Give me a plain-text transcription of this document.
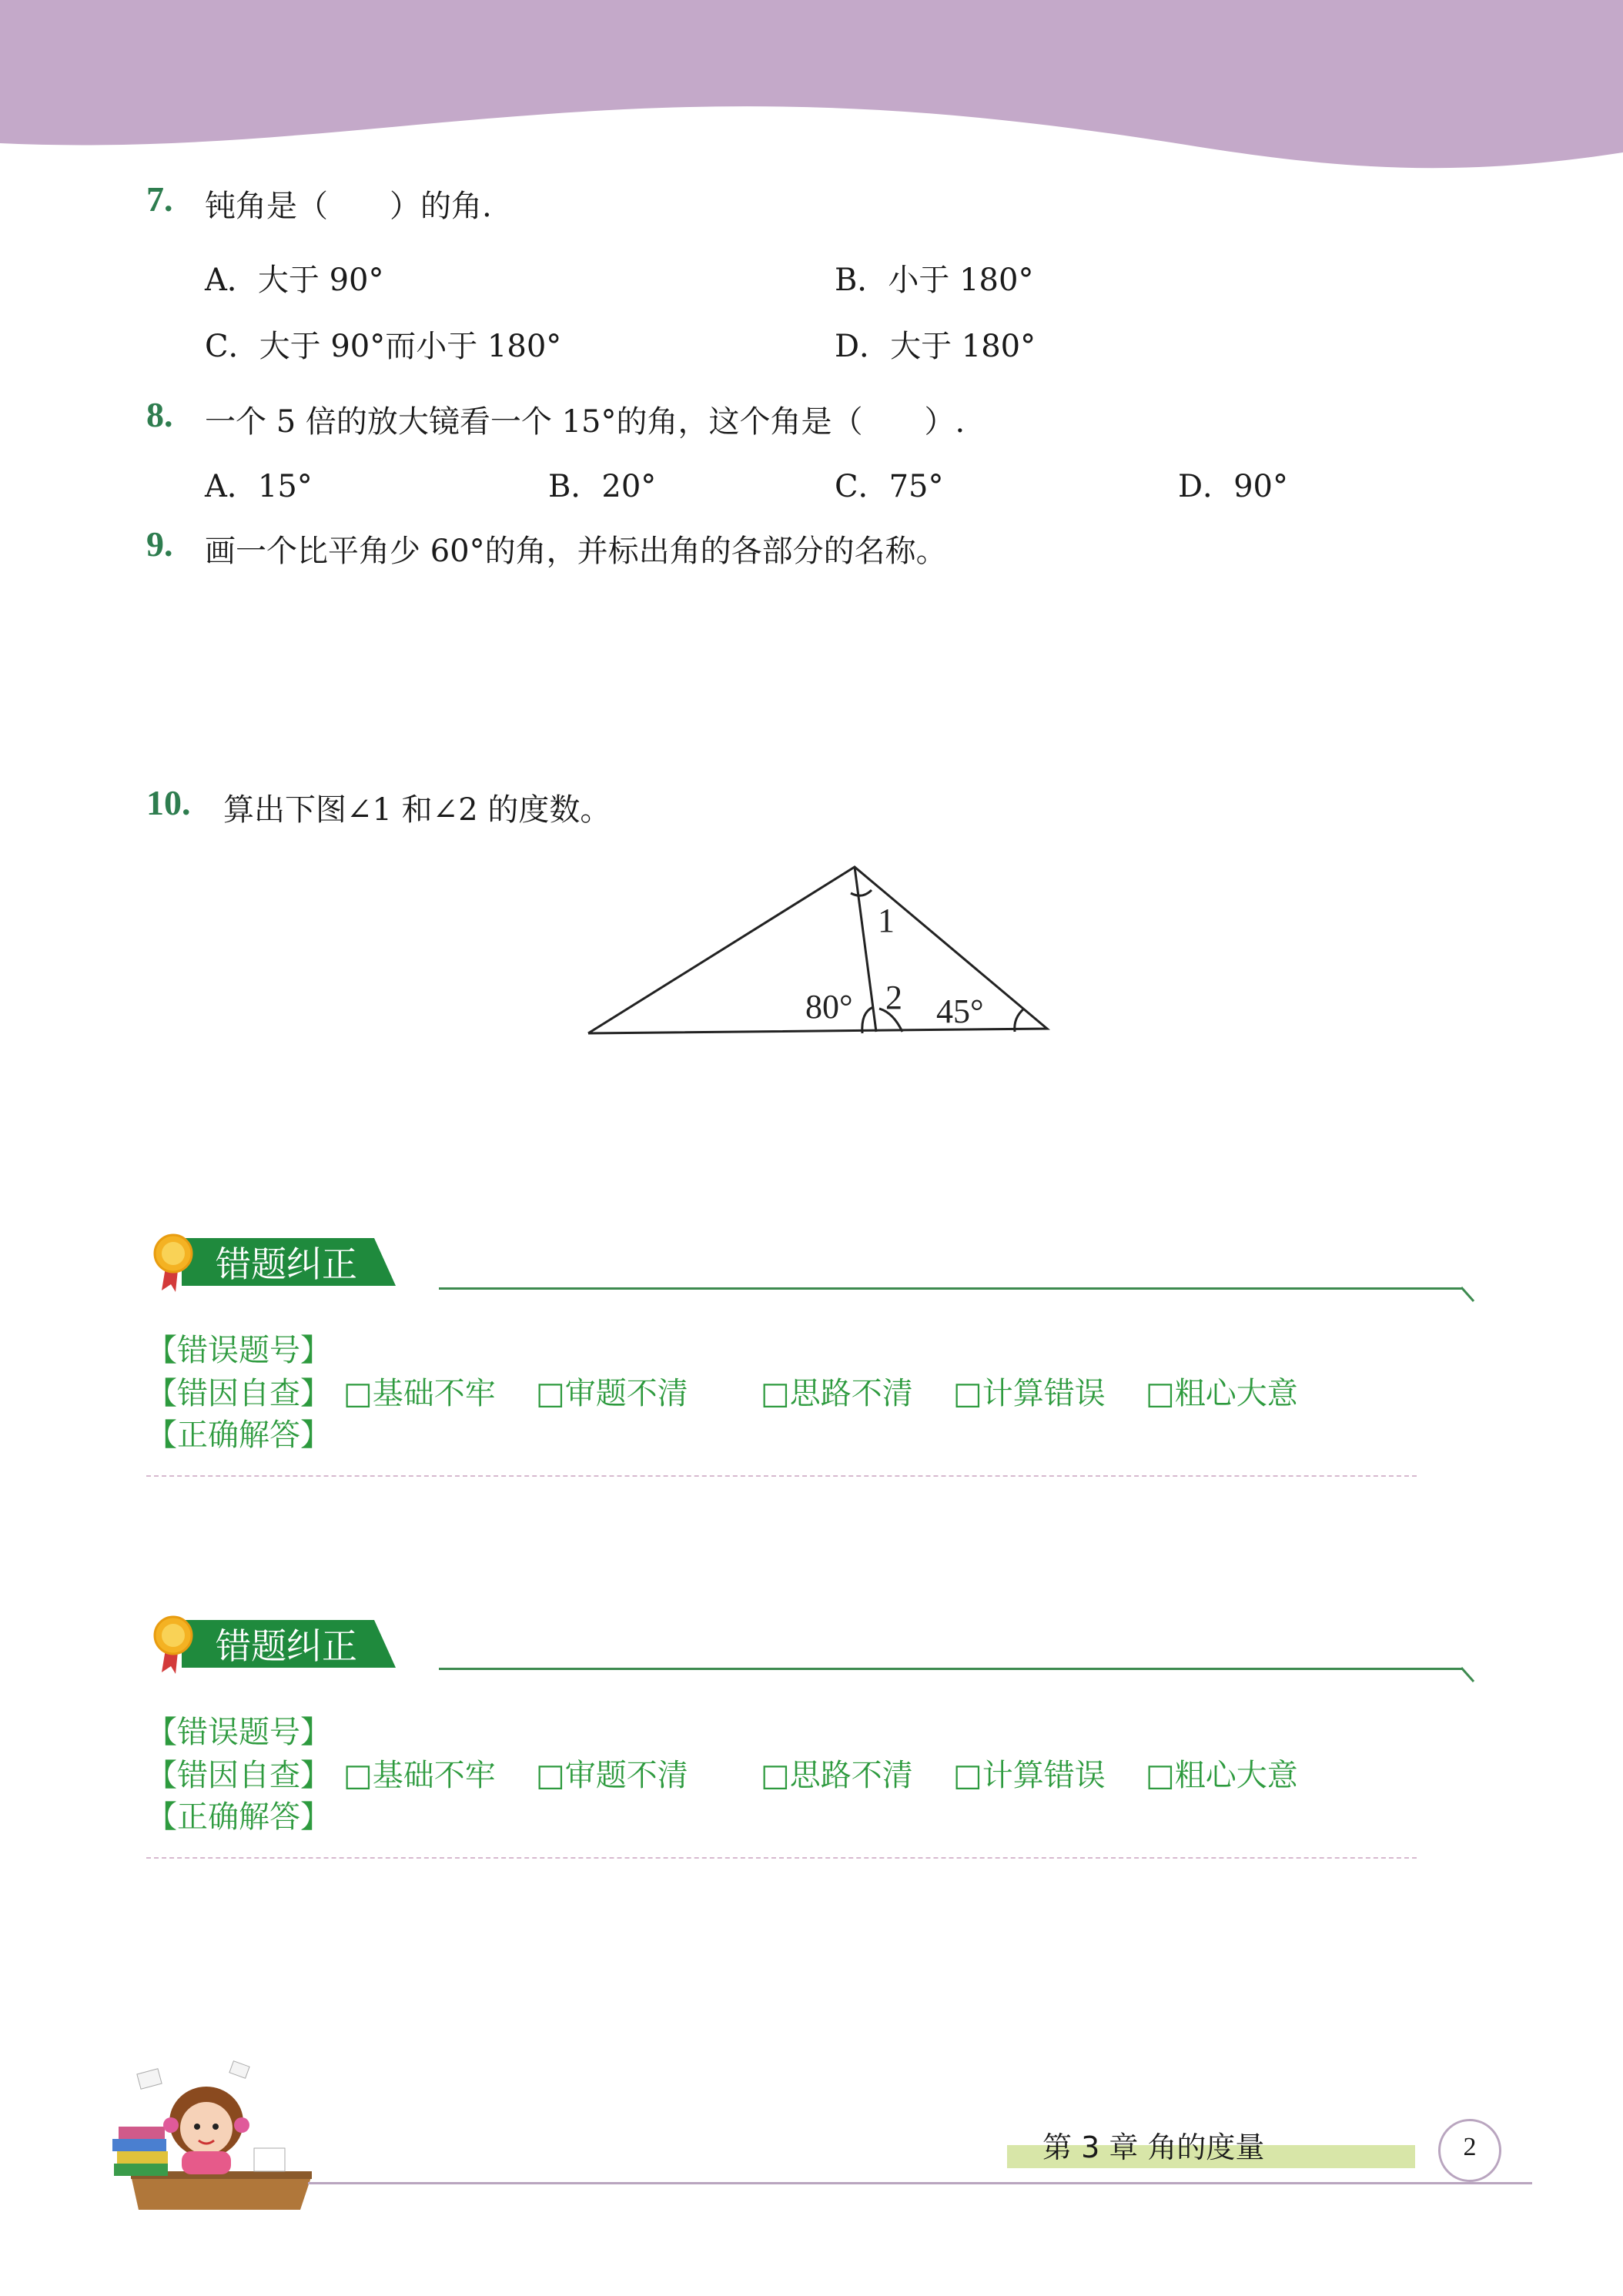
7. 钝角是（　　）的角.
A．大于 90°	B．小于 180°
C．大于 90°而小于 180°	D．大于 180°
8. 一个 5 倍的放大镜看一个 15°的角，这个角是（　　）.
A．15°	B．20°	C．75°	D．90°
9. 画一个比平角少 60°的角，并标出角的各部分的名称。
10. 算出下图∠1 和∠2 的度数。
1
2
80° 45°
错题纠正
【错误题号】
【错因自查】 □基础不牢 □审题不清 □思路不清 □计算错误 □粗心大意
【正确解答】
错题纠正
【错误题号】
【错因自查】 □基础不牢 □审题不清 □思路不清 □计算错误 □粗心大意
【正确解答】
第 3 章 角的度量	2
